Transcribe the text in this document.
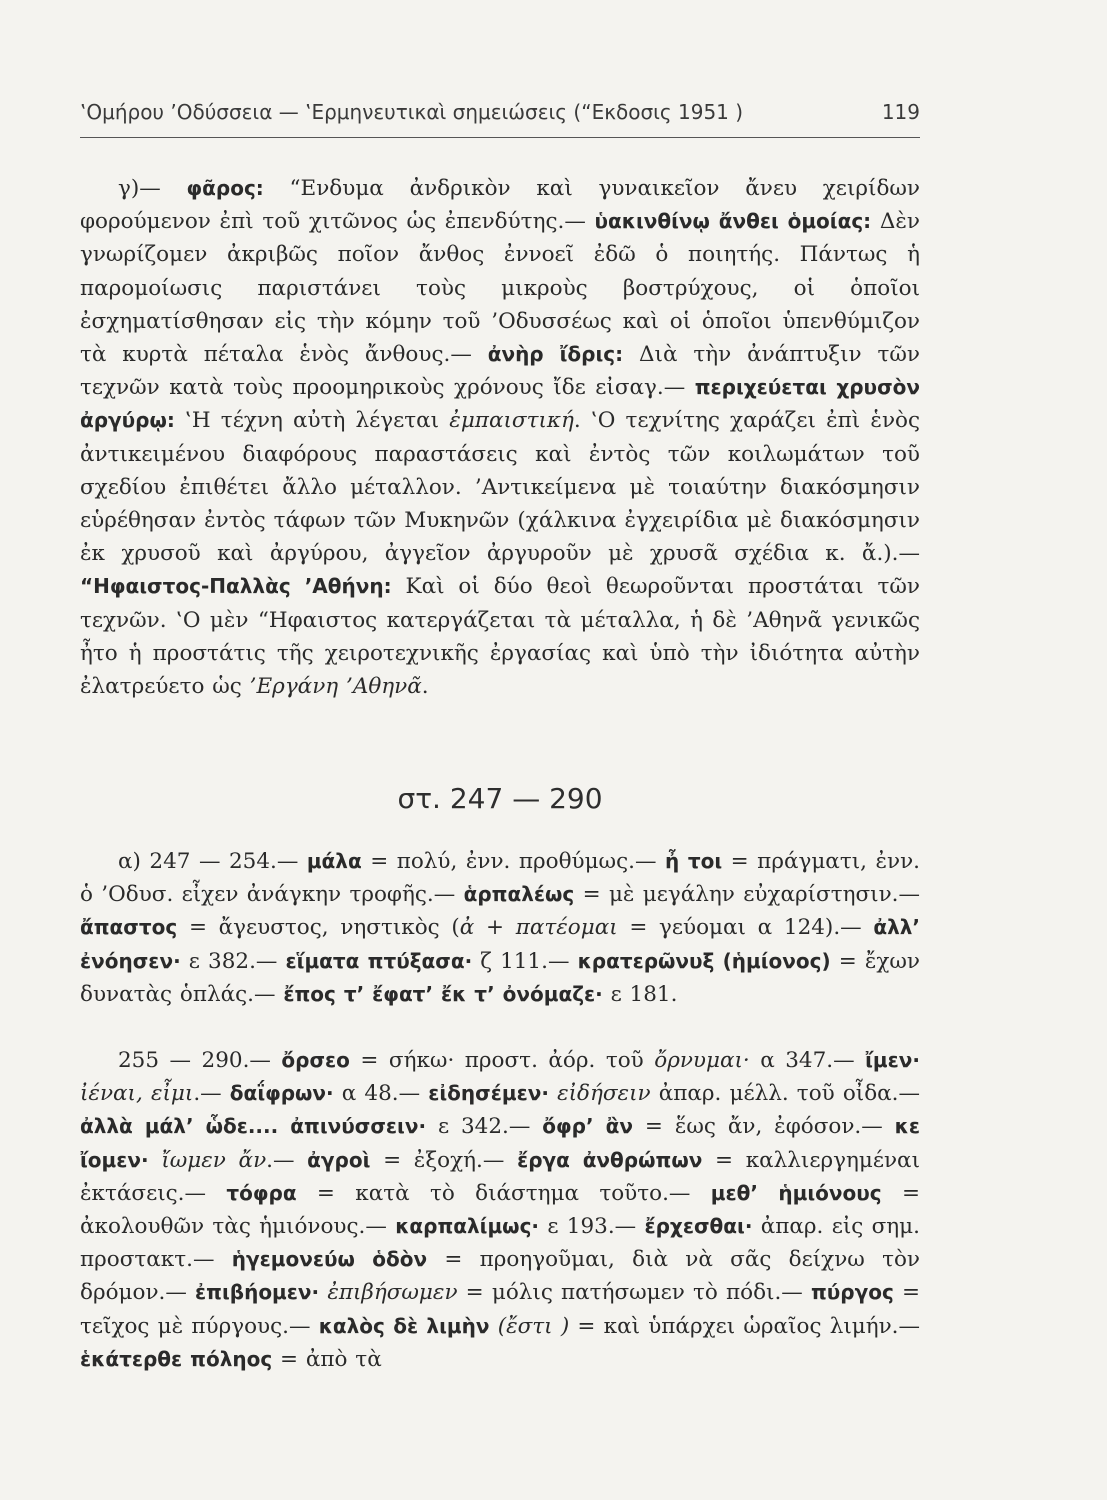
‛Ομήρου ’Οδύσσεια — ‛Ερμηνευτικαὶ σημειώσεις (“Εκδοσις 1951 )	119

γ)— φᾶρος: “Ενδυμα ἀνδρικὸν καὶ γυναικεῖον ἄνευ χειρίδων φορούμενον ἐπὶ τοῦ χιτῶνος ὡς ἐπενδύτης.— ὑακινθίνῳ ἄνθει ὁμοίας: Δὲν γνωρίζομεν ἀκριβῶς ποῖον ἄνθος ἐννοεῖ ἐδῶ ὁ ποιητής. Πάντως ἡ παρομοίωσις παριστάνει τοὺς μικροὺς βοστρύχους, οἱ ὁποῖοι ἐσχηματίσθησαν εἰς τὴν κόμην τοῦ ’Οδυσσέως καὶ οἱ ὁποῖοι ὑπενθύμιζον τὰ κυρτὰ πέταλα ἑνὸς ἄνθους.— ἀνὴρ ἴδρις: Διὰ τὴν ἀνάπτυξιν τῶν τεχνῶν κατὰ τοὺς προομηρικοὺς χρόνους ἴδε εἰσαγ.— περιχεύεται χρυσὸν ἀργύρῳ: ‛Η τέχνη αὐτὴ λέγεται ἐμπαιστική. ‛Ο τεχνίτης χαράζει ἐπὶ ἑνὸς ἀντικειμένου διαφόρους παραστάσεις καὶ ἐντὸς τῶν κοιλωμάτων τοῦ σχεδίου ἐπιθέτει ἄλλο μέταλλον. ’Αντικείμενα μὲ τοιαύτην διακόσμησιν εὑρέθησαν ἐντὸς τάφων τῶν Μυκηνῶν (χάλκινα ἐγχειρίδια μὲ διακόσμησιν ἐκ χρυσοῦ καὶ ἀργύρου, ἀγγεῖον ἀργυροῦν μὲ χρυσᾶ σχέδια κ. ἄ.).— “Ηφαιστος-Παλλὰς ’Αθήνη: Καὶ οἱ δύο θεοὶ θεωροῦνται προστάται τῶν τεχνῶν. ‛Ο μὲν “Ηφαιστος κατεργάζεται τὰ μέταλλα, ἡ δὲ ’Αθηνᾶ γενικῶς ἦτο ἡ προστάτις τῆς χειροτεχνικῆς ἐργασίας καὶ ὑπὸ τὴν ἰδιότητα αὐτὴν ἐλατρεύετο ὡς ’Εργάνη ’Αθηνᾶ.

στ. 247 — 290

α) 247 — 254.— μάλα = πολύ, ἐνν. προθύμως.— ἦ τοι = πράγματι, ἐνν. ὁ ’Οδυσ. εἶχεν ἀνάγκην τροφῆς.— ἁρπαλέως = μὲ μεγάλην εὐχαρίστησιν.— ἄπαστος = ἄγευστος, νηστικὸς (ἀ + πατέομαι = γεύομαι α 124).— ἀλλ’ ἐνόησεν· ε 382.— εἵματα πτύξασα· ζ 111.— κρατερῶνυξ (ἡμίονος) = ἔχων δυνατὰς ὁπλάς.— ἔπος τ’ ἔφατ’ ἔκ τ’ ὀνόμαζε· ε 181.

255 — 290.— ὄρσεο = σήκω· προστ. ἀόρ. τοῦ ὄρνυμαι· α 347.— ἴμεν· ἰέναι, εἶμι.— δαΐφρων· α 48.— εἰδησέμεν· εἰδήσειν ἀπαρ. μέλλ. τοῦ οἶδα.— ἀλλὰ μάλ’ ὧδε.... ἀπινύσσειν· ε 342.— ὄφρ’ ἂν = ἕως ἄν, ἐφόσον.— κε ἴομεν· ἴωμεν ἄν.— ἀγροὶ = ἐξοχή.— ἔργα ἀνθρώπων = καλλιεργημέναι ἐκτάσεις.— τόφρα = κατὰ τὸ διάστημα τοῦτο.— μεθ’ ἡμιόνους = ἀκολουθῶν τὰς ἡμιόνους.— καρπαλίμως· ε 193.— ἔρχεσθαι· ἀπαρ. εἰς σημ. προστακτ.— ἡγεμονεύω ὁδὸν = προηγοῦμαι, διὰ νὰ σᾶς δείχνω τὸν δρόμον.— ἐπιβήομεν· ἐπιβήσωμεν = μόλις πατήσωμεν τὸ πόδι.— πύργος = τεῖχος μὲ πύργους.— καλὸς δὲ λιμὴν (ἔστι ) = καὶ ὑπάρχει ὡραῖος λιμήν.— ἑκάτερθε πόληος = ἀπὸ τὰ
